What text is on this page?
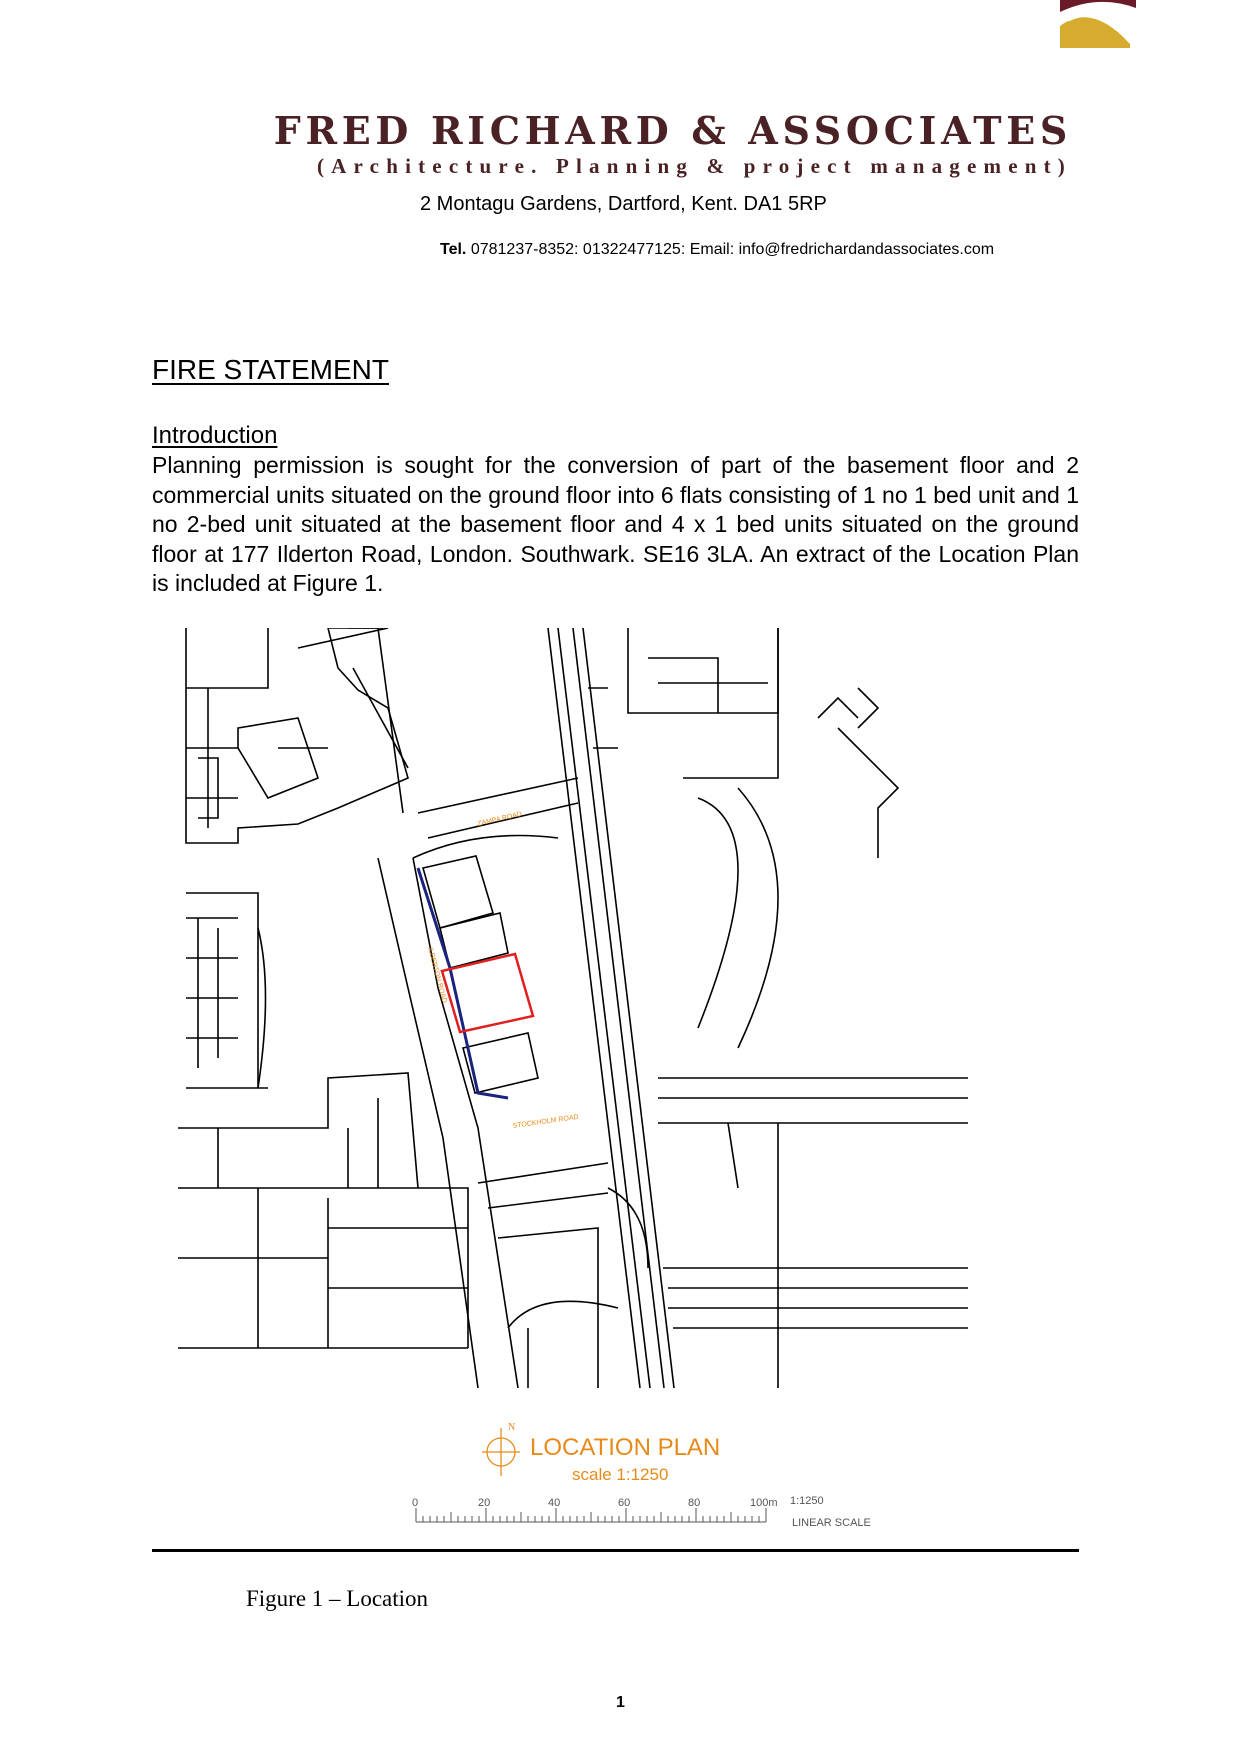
FRED RICHARD & ASSOCIATES
(Architecture. Planning & project management)
2 Montagu Gardens, Dartford, Kent. DA1 5RP
Tel. 0781237-8352: 01322477125: Email: info@fredrichardandassociates.com
FIRE STATEMENT
Introduction

Planning permission is sought for the conversion of part of the basement floor and 2 commercial units situated on the ground floor into 6 flats consisting of 1 no 1 bed unit and 1 no 2-bed unit situated at the basement floor and 4 x 1 bed units situated on the ground floor at 177 Ilderton Road, London. Southwark. SE16 3LA. An extract of the Location Plan is included at Figure 1.

ZAMPA ROAD
ILDERTON ROAD
STOCKHOLM ROAD
N
LOCATION PLAN
scale 1:1250
0	20	40	60	80	100m 1:1250
LINEAR SCALE
Figure 1 – Location
1
